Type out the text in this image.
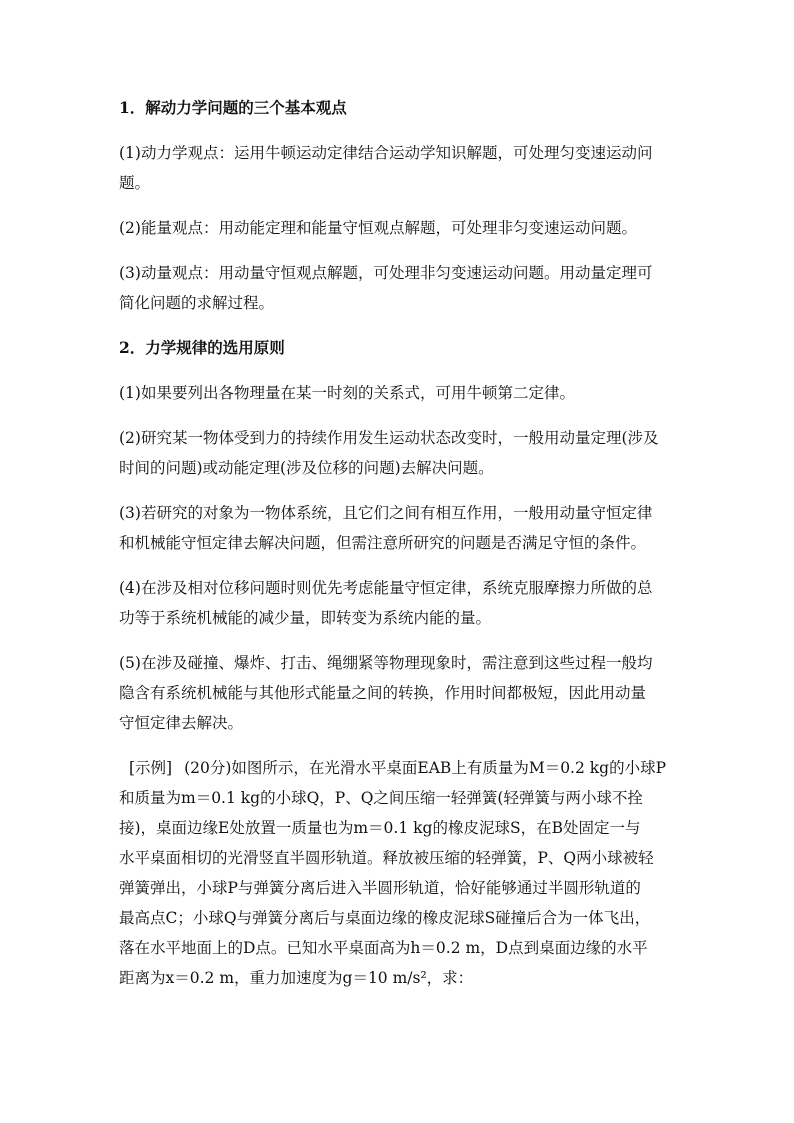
1．解动力学问题的三个基本观点
(1)动力学观点：运用牛顿运动定律结合运动学知识解题，可处理匀变速运动问
题。
(2)能量观点：用动能定理和能量守恒观点解题，可处理非匀变速运动问题。
(3)动量观点：用动量守恒观点解题，可处理非匀变速运动问题。用动量定理可
简化问题的求解过程。
2．力学规律的选用原则
(1)如果要列出各物理量在某一时刻的关系式，可用牛顿第二定律。
(2)研究某一物体受到力的持续作用发生运动状态改变时，一般用动量定理(涉及
时间的问题)或动能定理(涉及位移的问题)去解决问题。
(3)若研究的对象为一物体系统，且它们之间有相互作用，一般用动量守恒定律
和机械能守恒定律去解决问题，但需注意所研究的问题是否满足守恒的条件。
(4)在涉及相对位移问题时则优先考虑能量守恒定律，系统克服摩擦力所做的总
功等于系统机械能的减少量，即转变为系统内能的量。
(5)在涉及碰撞、爆炸、打击、绳绷紧等物理现象时，需注意到这些过程一般均
隐含有系统机械能与其他形式能量之间的转换，作用时间都极短，因此用动量
守恒定律去解决。
[示例] (20分)如图所示，在光滑水平桌面EAB上有质量为M＝0.2 kg的小球P
和质量为m＝0.1 kg的小球Q，P、Q之间压缩一轻弹簧(轻弹簧与两小球不拴
接)，桌面边缘E处放置一质量也为m＝0.1 kg的橡皮泥球S，在B处固定一与
水平桌面相切的光滑竖直半圆形轨道。释放被压缩的轻弹簧，P、Q两小球被轻
弹簧弹出，小球P与弹簧分离后进入半圆形轨道，恰好能够通过半圆形轨道的
最高点C；小球Q与弹簧分离后与桌面边缘的橡皮泥球S碰撞后合为一体飞出，
落在水平地面上的D点。已知水平桌面高为h＝0.2 m，D点到桌面边缘的水平
距离为x＝0.2 m，重力加速度为g＝10 m/s²，求：
